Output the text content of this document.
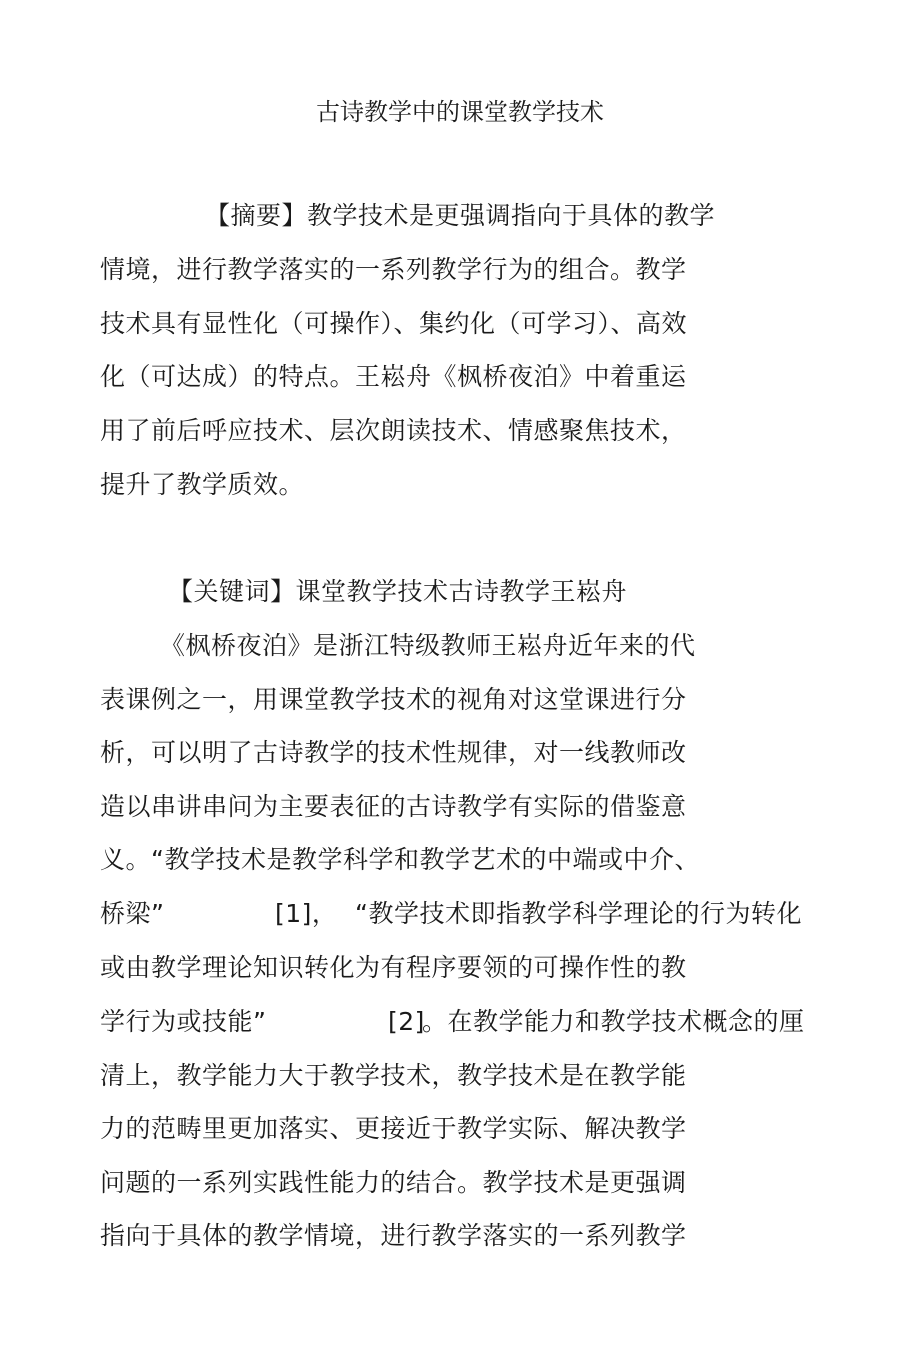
古诗教学中的课堂教学技术
【摘要】教学技术是更强调指向于具体的教学
情境，进行教学落实的一系列教学行为的组合。教学
技术具有显性化（可操作）、集约化（可学习）、高效
化（可达成）的特点。王崧舟《枫桥夜泊》中着重运
用了前后呼应技术、层次朗读技术、情感聚焦技术，
提升了教学质效。
【关键词】课堂教学技术古诗教学王崧舟
《枫桥夜泊》是浙江特级教师王崧舟近年来的代
表课例之一，用课堂教学技术的视角对这堂课进行分
析，可以明了古诗教学的技术性规律，对一线教师改
造以串讲串问为主要表征的古诗教学有实际的借鉴意
义。“教学技术是教学科学和教学艺术的中端或中介、
桥梁”	[1]， “教学技术即指教学科学理论的行为转化
或由教学理论知识转化为有程序要领的可操作性的教
学行为或技能”	[2]
。在教学能力和教学技术概念的厘
清上，教学能力大于教学技术，教学技术是在教学能
力的范畴里更加落实、更接近于教学实际、解决教学
问题的一系列实践性能力的结合。教学技术是更强调
指向于具体的教学情境，进行教学落实的一系列教学
